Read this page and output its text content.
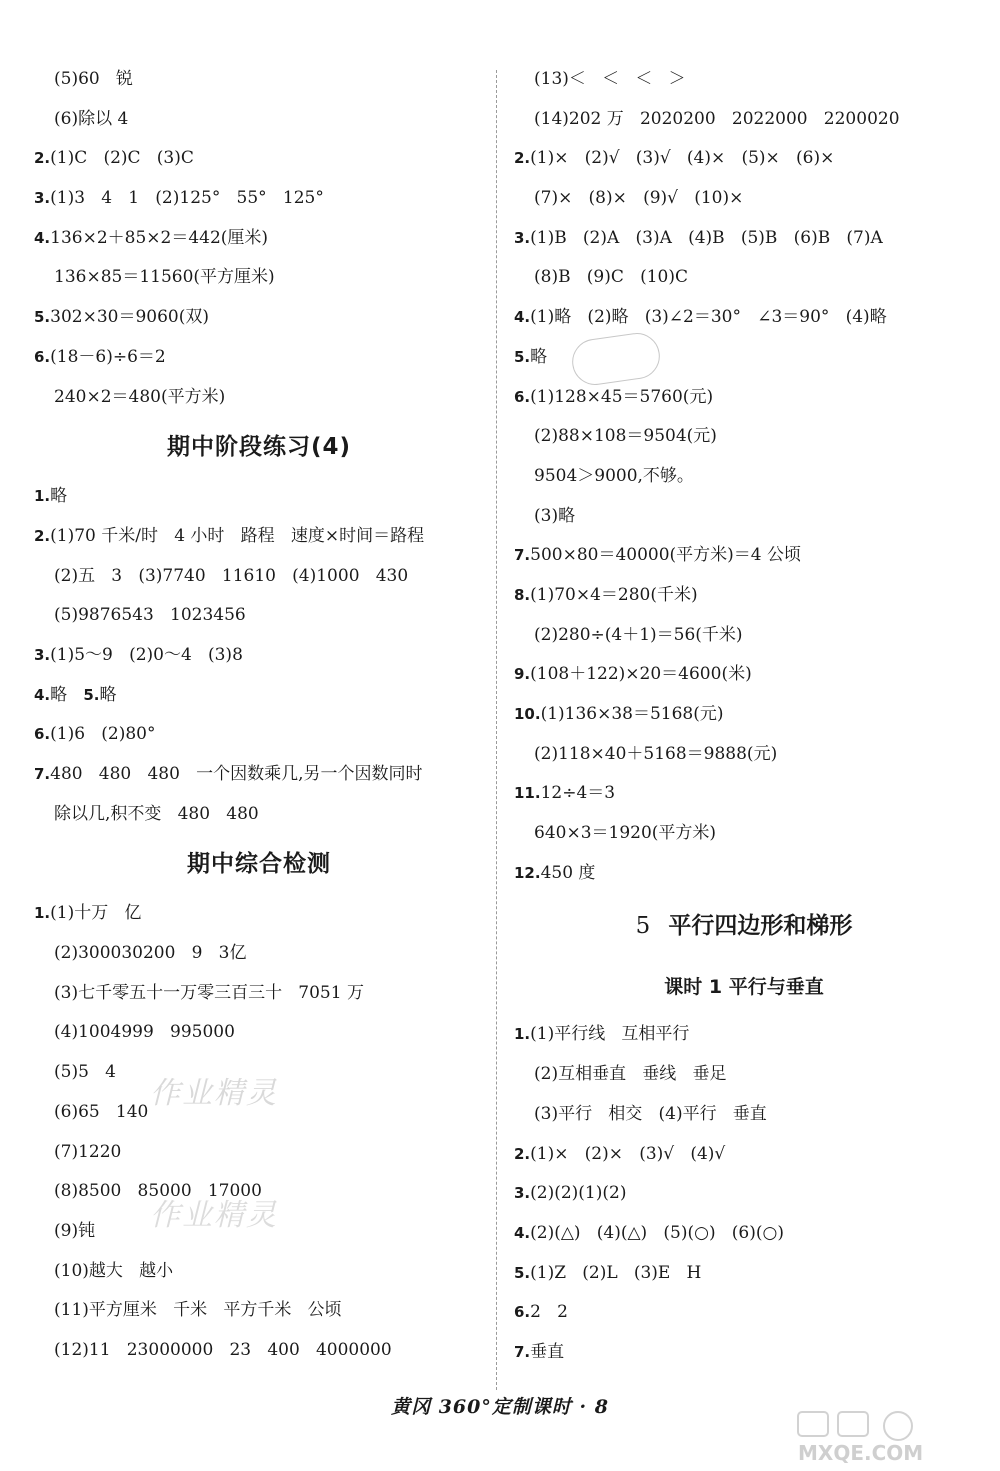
(5)60   锐
(6)除以 4
2.(1)C   (2)C   (3)C
3.(1)3   4   1   (2)125°   55°   125°
4.136×2＋85×2＝442(厘米)
136×85＝11560(平方厘米)
5.302×30＝9060(双)
6.(18－6)÷6＝2
240×2＝480(平方米)
期中阶段练习(4)
1.略
2.(1)70 千米/时   4 小时   路程   速度×时间＝路程
(2)五   3   (3)7740   11610   (4)1000   430
(5)9876543   1023456
3.(1)5～9   (2)0～4   (3)8
4.略   5.略
6.(1)6   (2)80°
7.480   480   480   一个因数乘几,另一个因数同时
除以几,积不变   480   480
期中综合检测
1.(1)十万   亿
(2)300030200   9   3亿
(3)七千零五十一万零三百三十   7051 万
(4)1004999   995000
(5)5   4
(6)65   140
(7)1220
(8)8500   85000   17000
(9)钝
(10)越大   越小
(11)平方厘米   千米   平方千米   公顷
(12)11   23000000   23   400   4000000
(13)＜   ＜   ＜   ＞
(14)202 万   2020200   2022000   2200020
2.(1)×   (2)√   (3)√   (4)×   (5)×   (6)×
(7)×   (8)×   (9)√   (10)×
3.(1)B   (2)A   (3)A   (4)B   (5)B   (6)B   (7)A
(8)B   (9)C   (10)C
4.(1)略   (2)略   (3)∠2＝30°   ∠3＝90°   (4)略
5.略
6.(1)128×45＝5760(元)
(2)88×108＝9504(元)
9504＞9000,不够。
(3)略
7.500×80＝40000(平方米)＝4 公顷
8.(1)70×4＝280(千米)
(2)280÷(4＋1)＝56(千米)
9.(108＋122)×20＝4600(米)
10.(1)136×38＝5168(元)
(2)118×40＋5168＝9888(元)
11.12÷4＝3
640×3＝1920(平方米)
12.450 度
5 平行四边形和梯形
课时 1 平行与垂直
1.(1)平行线   互相平行
(2)互相垂直   垂线   垂足
(3)平行   相交   (4)平行   垂直
2.(1)×   (2)×   (3)√   (4)√
3.(2)(2)(1)(2)
4.(2)(△)   (4)(△)   (5)(○)   (6)(○)
5.(1)Z   (2)L   (3)E   H
6.2   2
7.垂直
作业精灵
作业精灵
MXQE.COM
黄冈 360°定制课时 · 8
